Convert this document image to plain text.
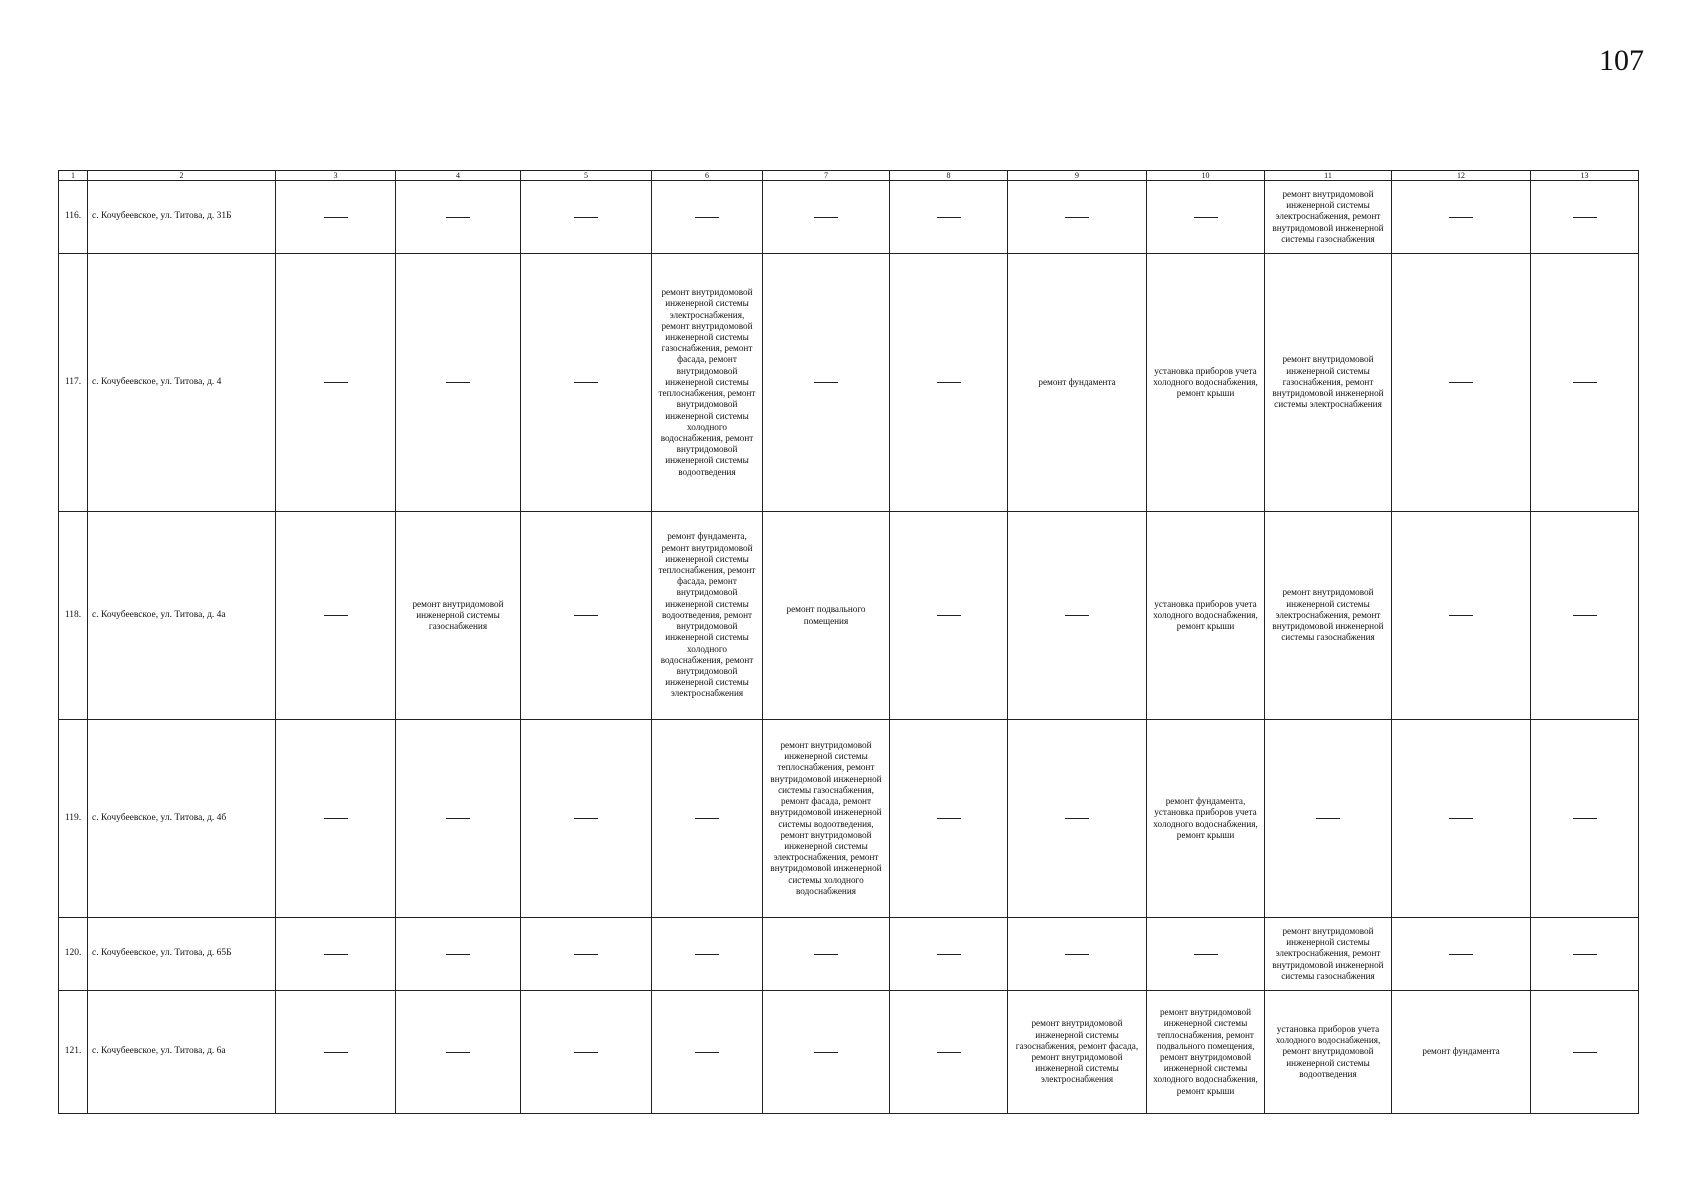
107
1	2	3	4	5	6	7	8	9	10	11	12	13
116.	с. Кочубеевское, ул. Титова, д. 31Б									ремонт внутридомовой инженерной системы электроснабжения, ремонт внутридомовой инженерной системы газоснабжения		
117.	с. Кочубеевское, ул. Титова, д. 4				ремонт внутридомовой инженерной системы электроснабжения, ремонт внутридомовой инженерной системы газоснабжения, ремонт фасада, ремонт внутридомовой инженерной системы теплоснабжения, ремонт внутридомовой инженерной системы холодного водоснабжения, ремонт внутридомовой инженерной системы водоотведения			ремонт фундамента	установка приборов учета холодного водоснабжения, ремонт крыши	ремонт внутридомовой инженерной системы газоснабжения, ремонт внутридомовой инженерной системы электроснабжения		
118.	с. Кочубеевское, ул. Титова, д. 4а		ремонт внутридомовой инженерной системы газоснабжения		ремонт фундамента, ремонт внутридомовой инженерной системы теплоснабжения, ремонт фасада, ремонт внутридомовой инженерной системы водоотведения, ремонт внутридомовой инженерной системы холодного водоснабжения, ремонт внутридомовой инженерной системы электроснабжения	ремонт подвального помещения			установка приборов учета холодного водоснабжения, ремонт крыши	ремонт внутридомовой инженерной системы электроснабжения, ремонт внутридомовой инженерной системы газоснабжения		
119.	с. Кочубеевское, ул. Титова, д. 4б					ремонт внутридомовой инженерной системы теплоснабжения, ремонт внутридомовой инженерной системы газоснабжения, ремонт фасада, ремонт внутридомовой инженерной системы водоотведения, ремонт внутридомовой инженерной системы электроснабжения, ремонт внутридомовой инженерной системы холодного водоснабжения			ремонт фундамента, установка приборов учета холодного водоснабжения, ремонт крыши			
120.	с. Кочубеевское, ул. Титова, д. 65Б									ремонт внутридомовой инженерной системы электроснабжения, ремонт внутридомовой инженерной системы газоснабжения		
121.	с. Кочубеевское, ул. Титова, д. 6а							ремонт внутридомовой инженерной системы газоснабжения, ремонт фасада, ремонт внутридомовой инженерной системы электроснабжения	ремонт внутридомовой инженерной системы теплоснабжения, ремонт подвального помещения, ремонт внутридомовой инженерной системы холодного водоснабжения, ремонт крыши	установка приборов учета холодного водоснабжения, ремонт внутридомовой инженерной системы водоотведения	ремонт фундамента	
